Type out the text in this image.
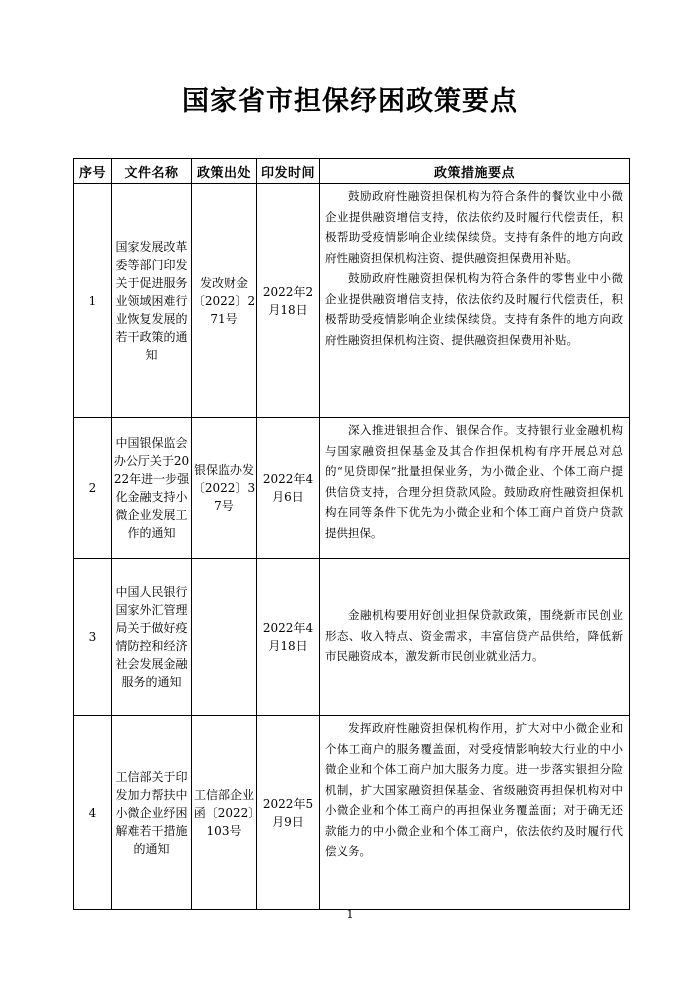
国家省市担保纾困政策要点
序号	文件名称	政策出处	印发时间	政策措施要点
1	国家发展改革委等部门印发关于促进服务业领域困难行业恢复发展的若干政策的通知	发改财金〔2022〕271号	2022年2月18日	鼓励政府性融资担保机构为符合条件的餐饮业中小微企业提供融资增信支持，依法依约及时履行代偿责任，积极帮助受疫情影响企业续保续贷。支持有条件的地方向政府性融资担保机构注资、提供融资担保费用补贴。

鼓励政府性融资担保机构为符合条件的零售业中小微企业提供融资增信支持，依法依约及时履行代偿责任，积极帮助受疫情影响企业续保续贷。支持有条件的地方向政府性融资担保机构注资、提供融资担保费用补贴。

2	中国银保监会办公厅关于2022年进一步强化金融支持小微企业发展工作的通知	银保监办发〔2022〕37号	2022年4月6日	深入推进银担合作、银保合作。支持银行业金融机构与国家融资担保基金及其合作担保机构有序开展总对总的“见贷即保”批量担保业务，为小微企业、个体工商户提供信贷支持，合理分担贷款风险。鼓励政府性融资担保机构在同等条件下优先为小微企业和个体工商户首贷户贷款提供担保。

3	中国人民银行 国家外汇管理局关于做好疫情防控和经济社会发展金融服务的通知		2022年4月18日	金融机构要用好创业担保贷款政策，围绕新市民创业形态、收入特点、资金需求，丰富信贷产品供给，降低新市民融资成本，激发新市民创业就业活力。

4	工信部关于印发加力帮扶中小微企业纾困解难若干措施的通知	工信部企业函〔2022〕103号	2022年5月9日	发挥政府性融资担保机构作用，扩大对中小微企业和个体工商户的服务覆盖面，对受疫情影响较大行业的中小微企业和个体工商户加大服务力度。进一步落实银担分险机制，扩大国家融资担保基金、省级融资再担保机构对中小微企业和个体工商户的再担保业务覆盖面；对于确无还款能力的中小微企业和个体工商户，依法依约及时履行代偿义务。

1
